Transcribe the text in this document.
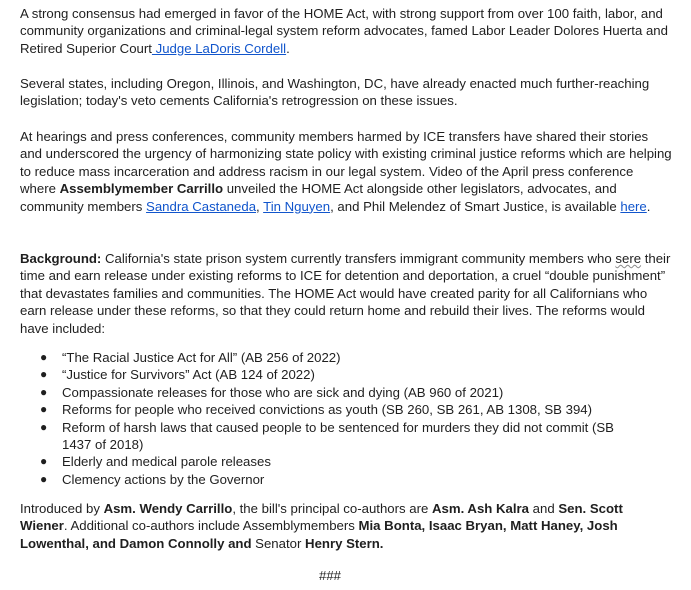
A strong consensus had emerged in favor of the HOME Act, with strong support from over 100 faith, labor, and community organizations and criminal-legal system reform advocates, famed Labor Leader Dolores Huerta and Retired Superior Court Judge LaDoris Cordell.

Several states, including Oregon, Illinois, and Washington, DC, have already enacted much further-reaching legislation; today's veto cements California's retrogression on these issues.

At hearings and press conferences, community members harmed by ICE transfers have shared their stories and underscored the urgency of harmonizing state policy with existing criminal justice reforms which are helping to reduce mass incarceration and address racism in our legal system. Video of the April press conference where Assemblymember Carrillo unveiled the HOME Act alongside other legislators, advocates, and community members Sandra Castaneda, Tin Nguyen, and Phil Melendez of Smart Justice, is available here.

Background: California's state prison system currently transfers immigrant community members who sere their time and earn release under existing reforms to ICE for detention and deportation, a cruel “double punishment” that devastates families and communities. The HOME Act would have created parity for all Californians who earn release under these reforms, so that they could return home and rebuild their lives. The reforms would have included:

● “The Racial Justice Act for All” (AB 256 of 2022)
● “Justice for Survivors” Act (AB 124 of 2022)
● Compassionate releases for those who are sick and dying (AB 960 of 2021)
● Reforms for people who received convictions as youth (SB 260, SB 261, AB 1308, SB 394)
● Reform of harsh laws that caused people to be sentenced for murders they did not commit (SB 1437 of 2018)
● Elderly and medical parole releases
● Clemency actions by the Governor

Introduced by Asm. Wendy Carrillo, the bill's principal co-authors are Asm. Ash Kalra and Sen. Scott Wiener. Additional co-authors include Assemblymembers Mia Bonta, Isaac Bryan, Matt Haney, Josh Lowenthal, and Damon Connolly and Senator Henry Stern.

###
